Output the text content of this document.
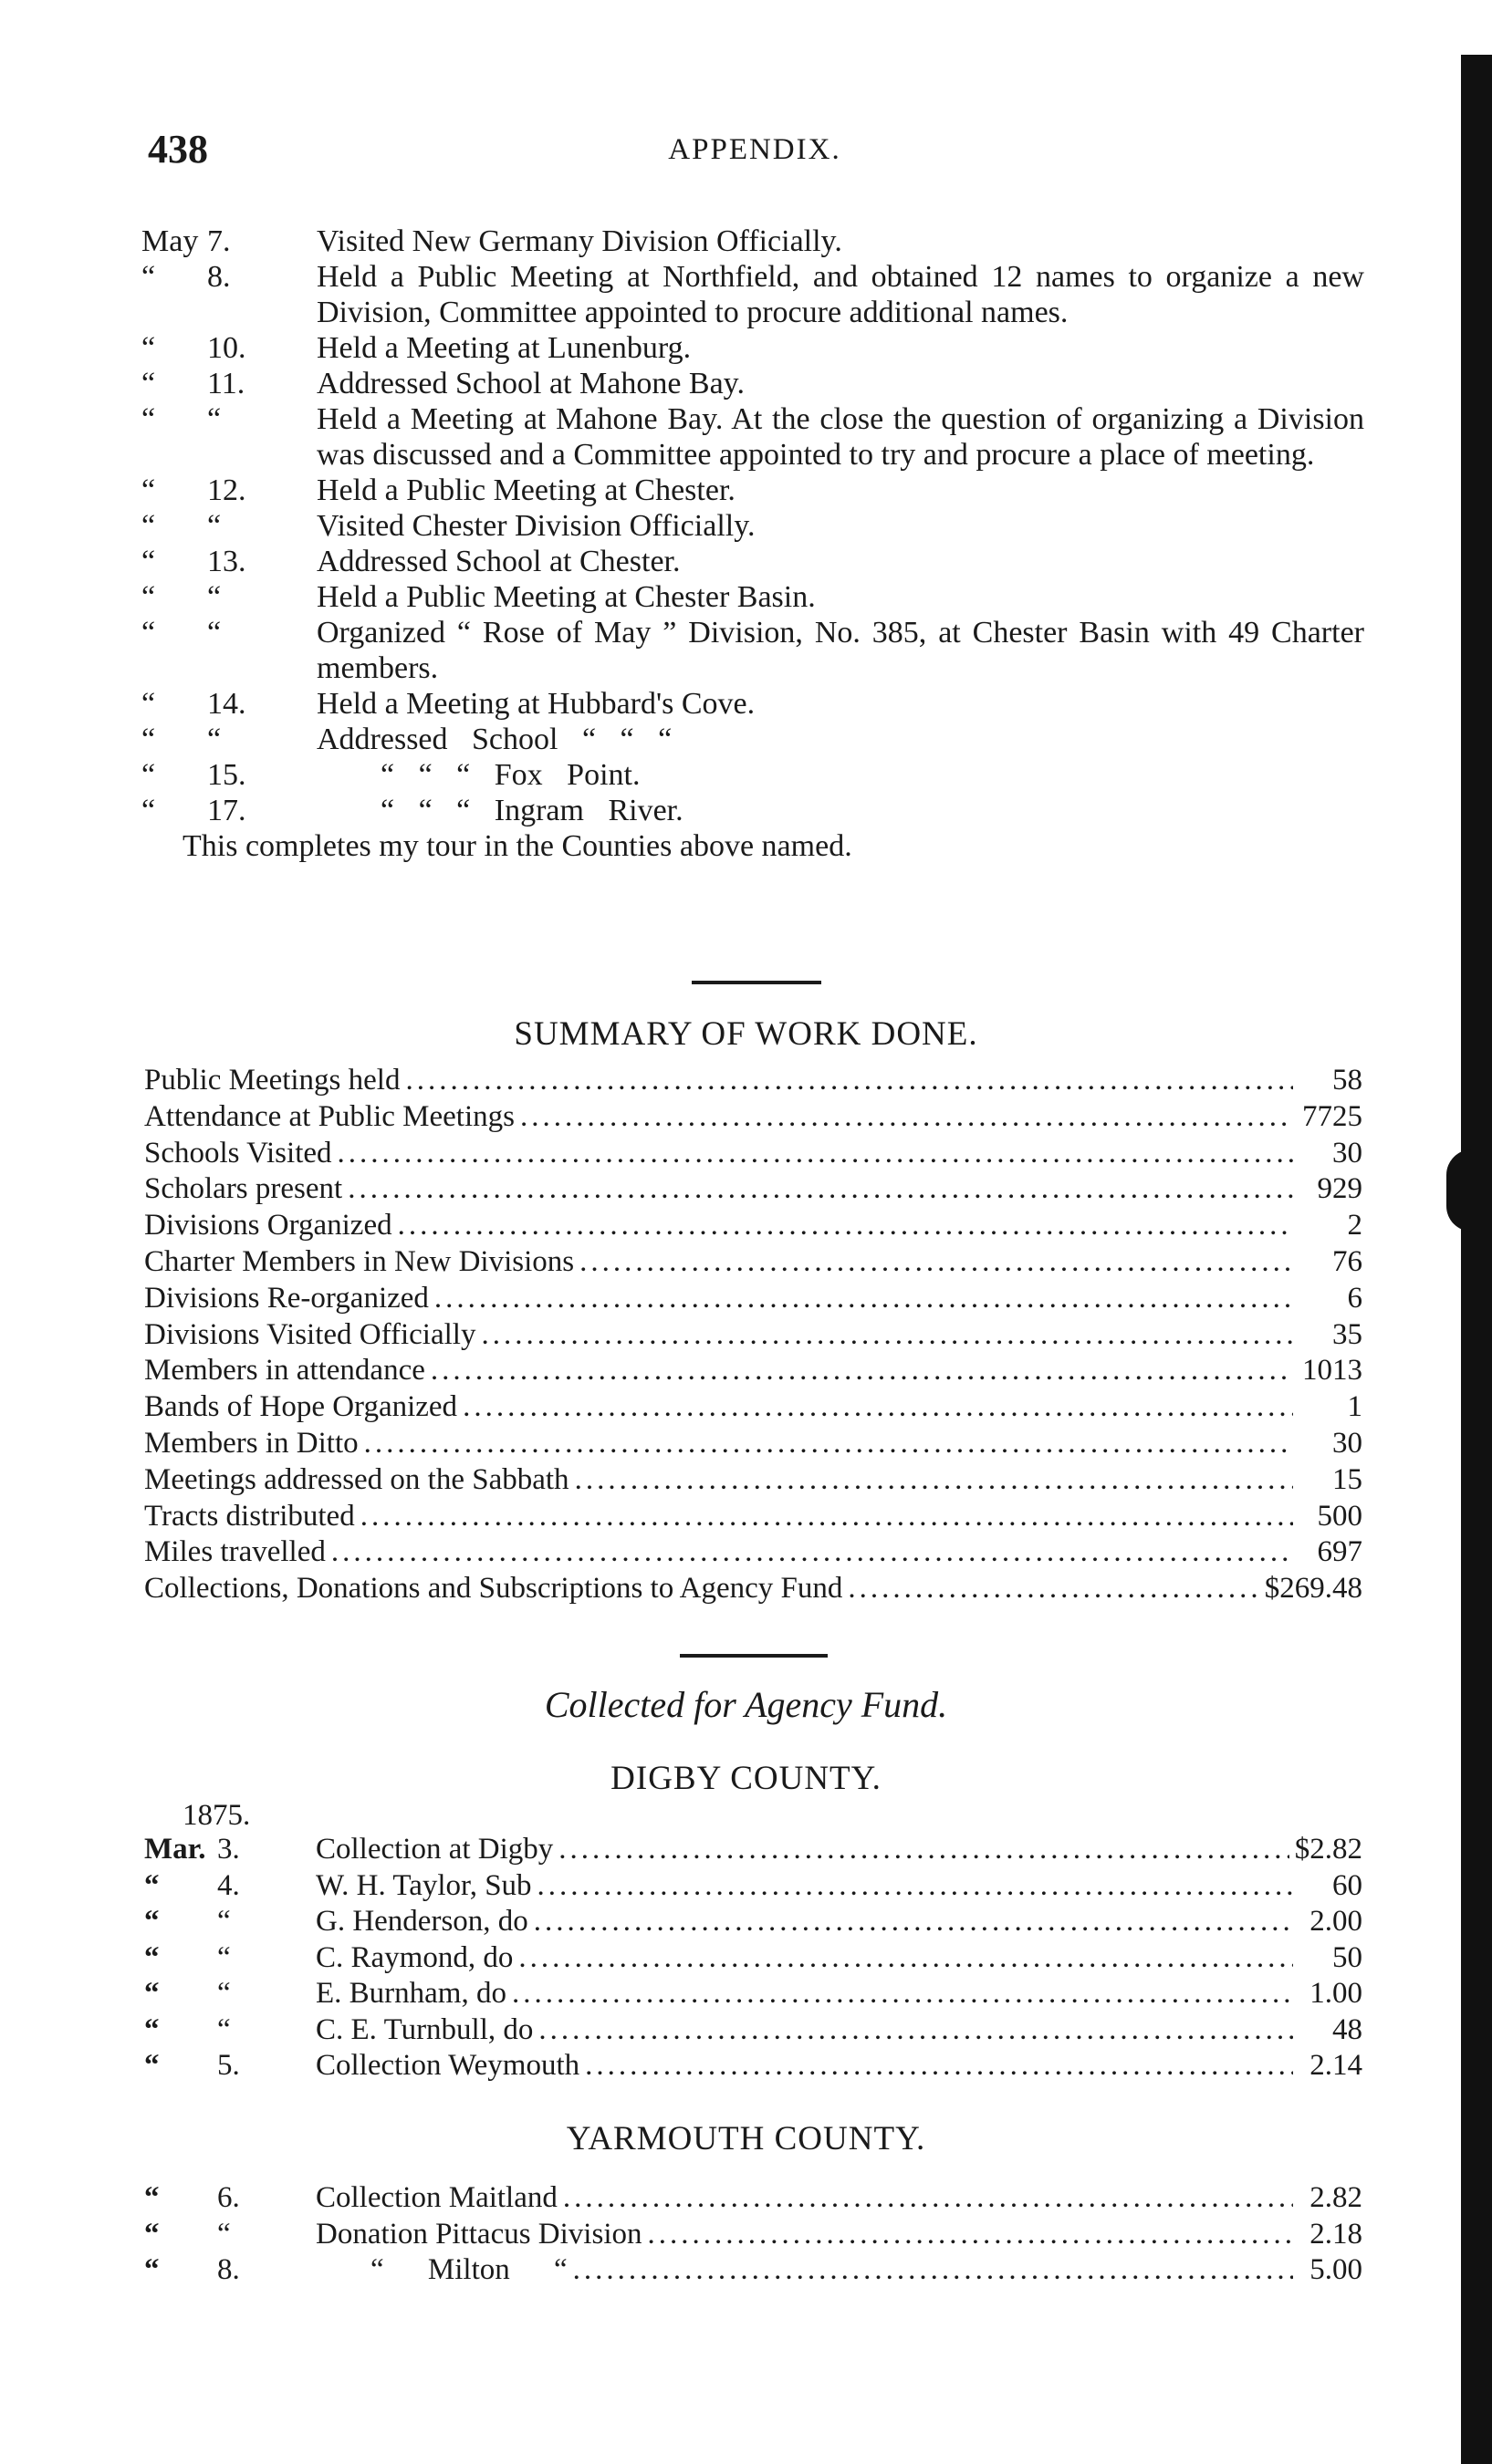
438	APPENDIX.
May 7.	Visited New Germany Division Officially.
“	8.	Held a Public Meeting at Northfield, and obtained 12 names to organize a new Division, Committee appointed to procure additional names.
“	10.	Held a Meeting at Lunenburg.
“	11.	Addressed School at Mahone Bay.
“	“	Held a Meeting at Mahone Bay. At the close the question of organizing a Division was discussed and a Committee appointed to try and procure a place of meeting.
“	12.	Held a Public Meeting at Chester.
“	“	Visited Chester Division Officially.
“	13.	Addressed School at Chester.
“	“	Held a Public Meeting at Chester Basin.
“	“	Organized “ Rose of May ” Division, No. 385, at Chester Basin with 49 Charter members.
“	14.	Held a Meeting at Hubbard's Cove.
“	“	Addressed School “ “ “
“	15.	“ “ “ Fox Point.
“	17.	“ “ “ Ingram River.
This completes my tour in the Counties above named.
SUMMARY OF WORK DONE.
Public Meetings held .....	58
Attendance at Public Meetings .....	7725
Schools Visited .....	30
Scholars present .....	929
Divisions Organized .....	2
Charter Members in New Divisions .....	76
Divisions Re-organized .....	6
Divisions Visited Officially .....	35
Members in attendance .....	1013
Bands of Hope Organized .....	1
Members in Ditto .....	30
Meetings addressed on the Sabbath .....	15
Tracts distributed .....	500
Miles travelled .....	697
Collections, Donations and Subscriptions to Agency Fund .....	$269.48
Collected for Agency Fund.
DIGBY COUNTY.
1875.
Mar. 3.	Collection at Digby .....	$2.82
“	4.	W. H. Taylor, Sub .....	60
“	“	G. Henderson, do .....	2.00
“	“	C. Raymond, do .....	50
“	“	E. Burnham, do .....	1.00
“	“	C. E. Turnbull, do .....	48
“	5.	Collection Weymouth .....	2.14
YARMOUTH COUNTY.
“	6.	Collection Maitland .....	2.82
“	“	Donation Pittacus Division .....	2.18
“	8.	“ Milton “ .....	5.00
